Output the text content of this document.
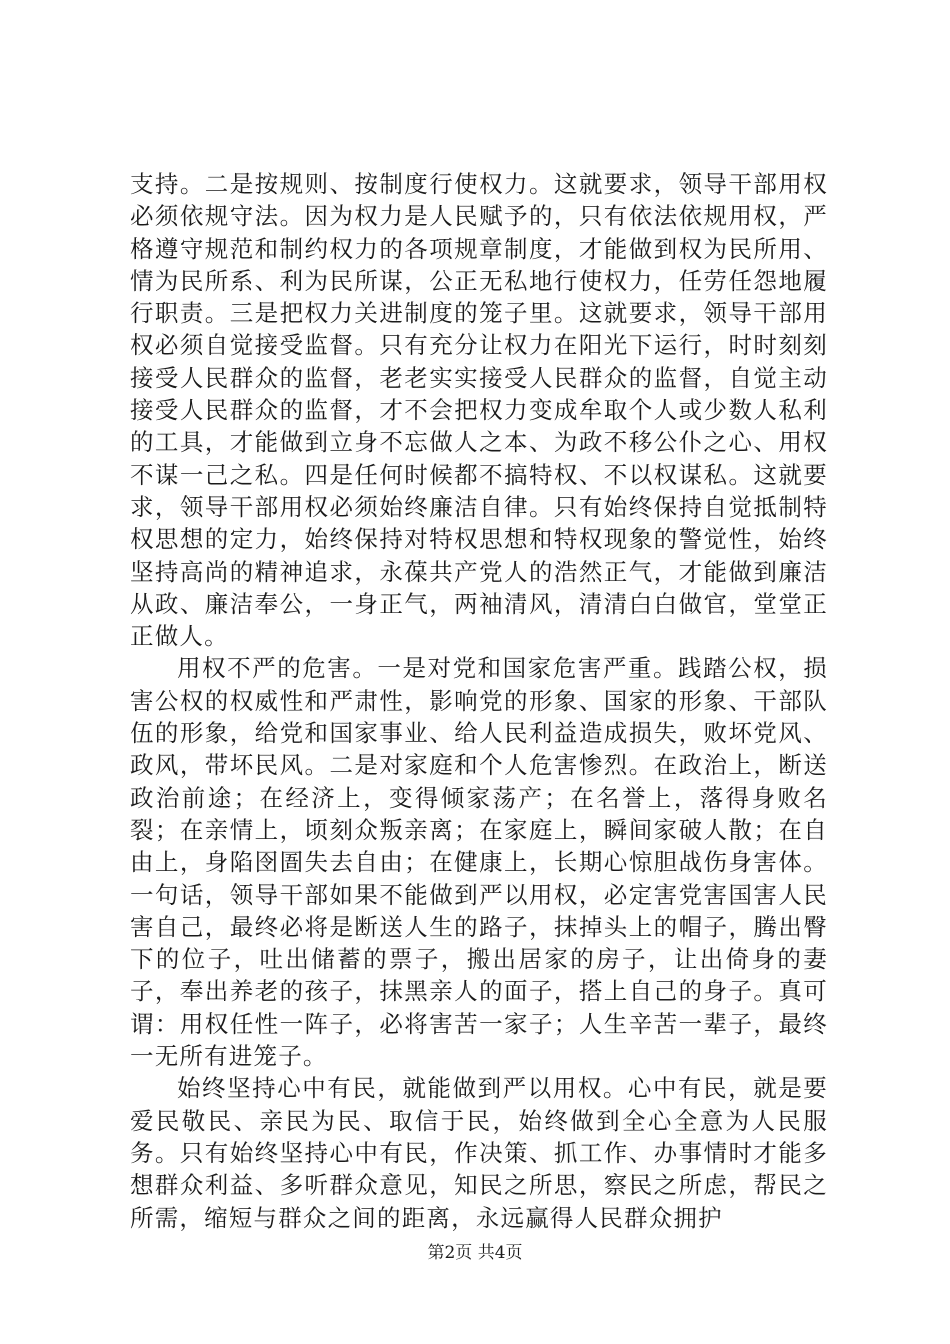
支持。二是按规则、按制度行使权力。这就要求，领导干部用权必须依规守法。因为权力是人民赋予的，只有依法依规用权，严格遵守规范和制约权力的各项规章制度，才能做到权为民所用、情为民所系、利为民所谋，公正无私地行使权力，任劳任怨地履行职责。三是把权力关进制度的笼子里。这就要求，领导干部用权必须自觉接受监督。只有充分让权力在阳光下运行，时时刻刻接受人民群众的监督，老老实实接受人民群众的监督，自觉主动接受人民群众的监督，才不会把权力变成牟取个人或少数人私利的工具，才能做到立身不忘做人之本、为政不移公仆之心、用权不谋一己之私。四是任何时候都不搞特权、不以权谋私。这就要求，领导干部用权必须始终廉洁自律。只有始终保持自觉抵制特权思想的定力，始终保持对特权思想和特权现象的警觉性，始终坚持高尚的精神追求，永葆共产党人的浩然正气，才能做到廉洁从政、廉洁奉公，一身正气，两袖清风，清清白白做官，堂堂正正做人。

用权不严的危害。一是对党和国家危害严重。践踏公权，损害公权的权威性和严肃性，影响党的形象、国家的形象、干部队伍的形象，给党和国家事业、给人民利益造成损失，败坏党风、政风，带坏民风。二是对家庭和个人危害惨烈。在政治上，断送政治前途；在经济上，变得倾家荡产；在名誉上，落得身败名裂；在亲情上，顷刻众叛亲离；在家庭上，瞬间家破人散；在自由上，身陷囹圄失去自由；在健康上，长期心惊胆战伤身害体。一句话，领导干部如果不能做到严以用权，必定害党害国害人民害自己，最终必将是断送人生的路子，抹掉头上的帽子，腾出臀下的位子，吐出储蓄的票子，搬出居家的房子，让出倚身的妻子，奉出养老的孩子，抹黑亲人的面子，搭上自己的身子。真可谓：用权任性一阵子，必将害苦一家子；人生辛苦一辈子，最终一无所有进笼子。

始终坚持心中有民，就能做到严以用权。心中有民，就是要爱民敬民、亲民为民、取信于民，始终做到全心全意为人民服务。只有始终坚持心中有民，作决策、抓工作、办事情时才能多想群众利益、多听群众意见，知民之所思，察民之所虑，帮民之所需，缩短与群众之间的距离，永远赢得人民群众拥护

第2页 共4页
